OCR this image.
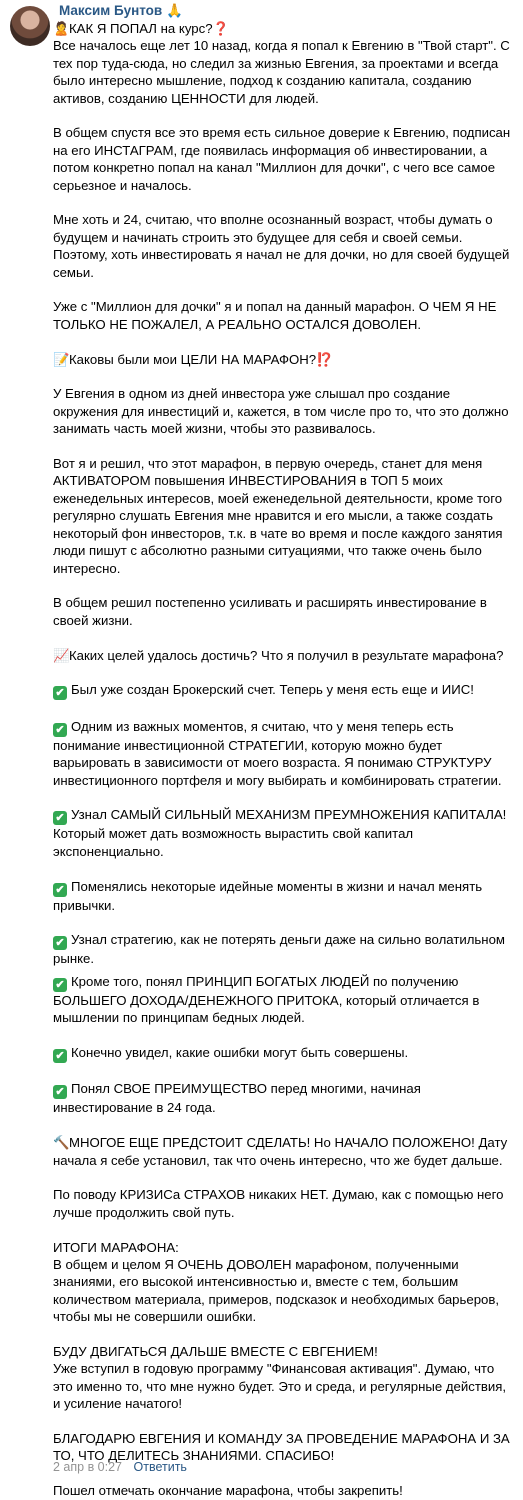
Максим Бунтов 🙏

🙎КАК Я ПОПАЛ на курс?❓
Все началось еще лет 10 назад, когда я попал к Евгению в "Твой старт". С тех пор туда-сюда, но следил за жизнью Евгения, за проектами и всегда было интересно мышление, подход к созданию капитала, созданию активов, созданию ЦЕННОСТИ для людей.

В общем спустя все это время есть сильное доверие к Евгению, подписан на его ИНСТАГРАМ, где появилась информация об инвестировании, а потом конкретно попал на канал "Миллион для дочки", с чего все самое серьезное и началось.

Мне хоть и 24, считаю, что вполне осознанный возраст, чтобы думать о будущем и начинать строить это будущее для себя и своей семьи. Поэтому, хоть инвестировать я начал не для дочки, но для своей будущей семьи.

Уже с "Миллион для дочки" я и попал на данный марафон. О ЧЕМ Я НЕ ТОЛЬКО НЕ ПОЖАЛЕЛ, А РЕАЛЬНО ОСТАЛСЯ ДОВОЛЕН.

📝Каковы были мои ЦЕЛИ НА МАРАФОН?⁉️

У Евгения в одном из дней инвестора уже слышал про создание окружения для инвестиций и, кажется, в том числе про то, что это должно занимать часть моей жизни, чтобы это развивалось.

Вот я и решил, что этот марафон, в первую очередь, станет для меня АКТИВАТОРОМ повышения ИНВЕСТИРОВАНИЯ в ТОП 5 моих еженедельных интересов, моей еженедельной деятельности, кроме того регулярно слушать Евгения мне нравится и его мысли, а также создать некоторый фон инвесторов, т.к. в чате во время и после каждого занятия люди пишут с абсолютно разными ситуациями, что также очень было интересно.

В общем решил постепенно усиливать и расширять инвестирование в своей жизни.

📈Каких целей удалось достичь? Что я получил в результате марафона?

✔ Был уже создан Брокерский счет. Теперь у меня есть еще и ИИС!

✔ Одним из важных моментов, я считаю, что у меня теперь есть понимание инвестиционной СТРАТЕГИИ, которую можно будет варьировать в зависимости от моего возраста. Я понимаю СТРУКТУРУ инвестиционного портфеля и могу выбирать и комбинировать стратегии.

✔ Узнал САМЫЙ СИЛЬНЫЙ МЕХАНИЗМ ПРЕУМНОЖЕНИЯ КАПИТАЛА! Который может дать возможность вырастить свой капитал экспоненциально.

✔ Поменялись некоторые идейные моменты в жизни и начал менять привычки.

✔ Узнал стратегию, как не потерять деньги даже на сильно волатильном рынке.

✔ Кроме того, понял ПРИНЦИП БОГАТЫХ ЛЮДЕЙ по получению БОЛЬШЕГО ДОХОДА/ДЕНЕЖНОГО ПРИТОКА, который отличается в мышлении по принципам бедных людей.

✔ Конечно увидел, какие ошибки могут быть совершены.

✔ Понял СВОЕ ПРЕИМУЩЕСТВО перед многими, начиная инвестирование в 24 года.

🔨МНОГОЕ ЕЩЕ ПРЕДСТОИТ СДЕЛАТЬ! Но НАЧАЛО ПОЛОЖЕНО! Дату начала я себе установил, так что очень интересно, что же будет дальше.

По поводу КРИЗИСа СТРАХОВ никаких НЕТ. Думаю, как с помощью него лучше продолжить свой путь.

ИТОГИ МАРАФОНА:
В общем и целом Я ОЧЕНЬ ДОВОЛЕН марафоном, полученными знаниями, его высокой интенсивностью и, вместе с тем, большим количеством материала, примеров, подсказок и необходимых барьеров, чтобы мы не совершили ошибки.

БУДУ ДВИГАТЬСЯ ДАЛЬШЕ ВМЕСТЕ С ЕВГЕНИЕМ!
Уже вступил в годовую программу "Финансовая активация". Думаю, что это именно то, что мне нужно будет. Это и среда, и регулярные действия, и усиление начатого!

БЛАГОДАРЮ ЕВГЕНИЯ И КОМАНДУ ЗА ПРОВЕДЕНИЕ МАРАФОНА И ЗА ТО, ЧТО ДЕЛИТЕСЬ ЗНАНИЯМИ. СПАСИБО!

Пошел отмечать окончание марафона, чтобы закрепить!

2 апр в 0:27 Ответить
